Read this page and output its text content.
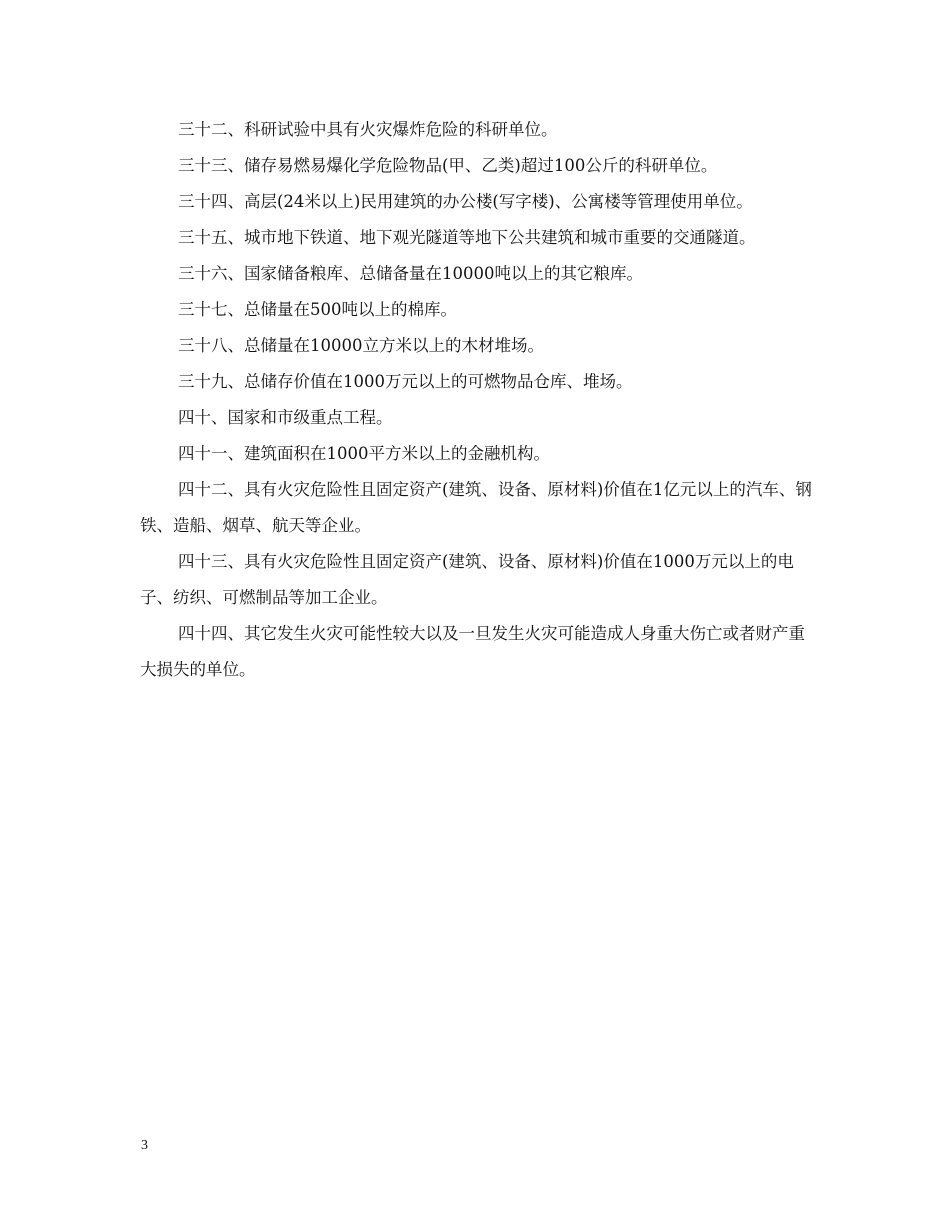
三十二、科研试验中具有火灾爆炸危险的科研单位。

三十三、储存易燃易爆化学危险物品(甲、乙类)超过100公斤的科研单位。

三十四、高层(24米以上)民用建筑的办公楼(写字楼)、公寓楼等管理使用单位。

三十五、城市地下铁道、地下观光隧道等地下公共建筑和城市重要的交通隧道。

三十六、国家储备粮库、总储备量在10000吨以上的其它粮库。

三十七、总储量在500吨以上的棉库。

三十八、总储量在10000立方米以上的木材堆场。

三十九、总储存价值在1000万元以上的可燃物品仓库、堆场。

四十、国家和市级重点工程。

四十一、建筑面积在1000平方米以上的金融机构。

四十二、具有火灾危险性且固定资产(建筑、设备、原材料)价值在1亿元以上的汽车、钢铁、造船、烟草、航天等企业。

四十三、具有火灾危险性且固定资产(建筑、设备、原材料)价值在1000万元以上的电子、纺织、可燃制品等加工企业。

四十四、其它发生火灾可能性较大以及一旦发生火灾可能造成人身重大伤亡或者财产重大损失的单位。

3
